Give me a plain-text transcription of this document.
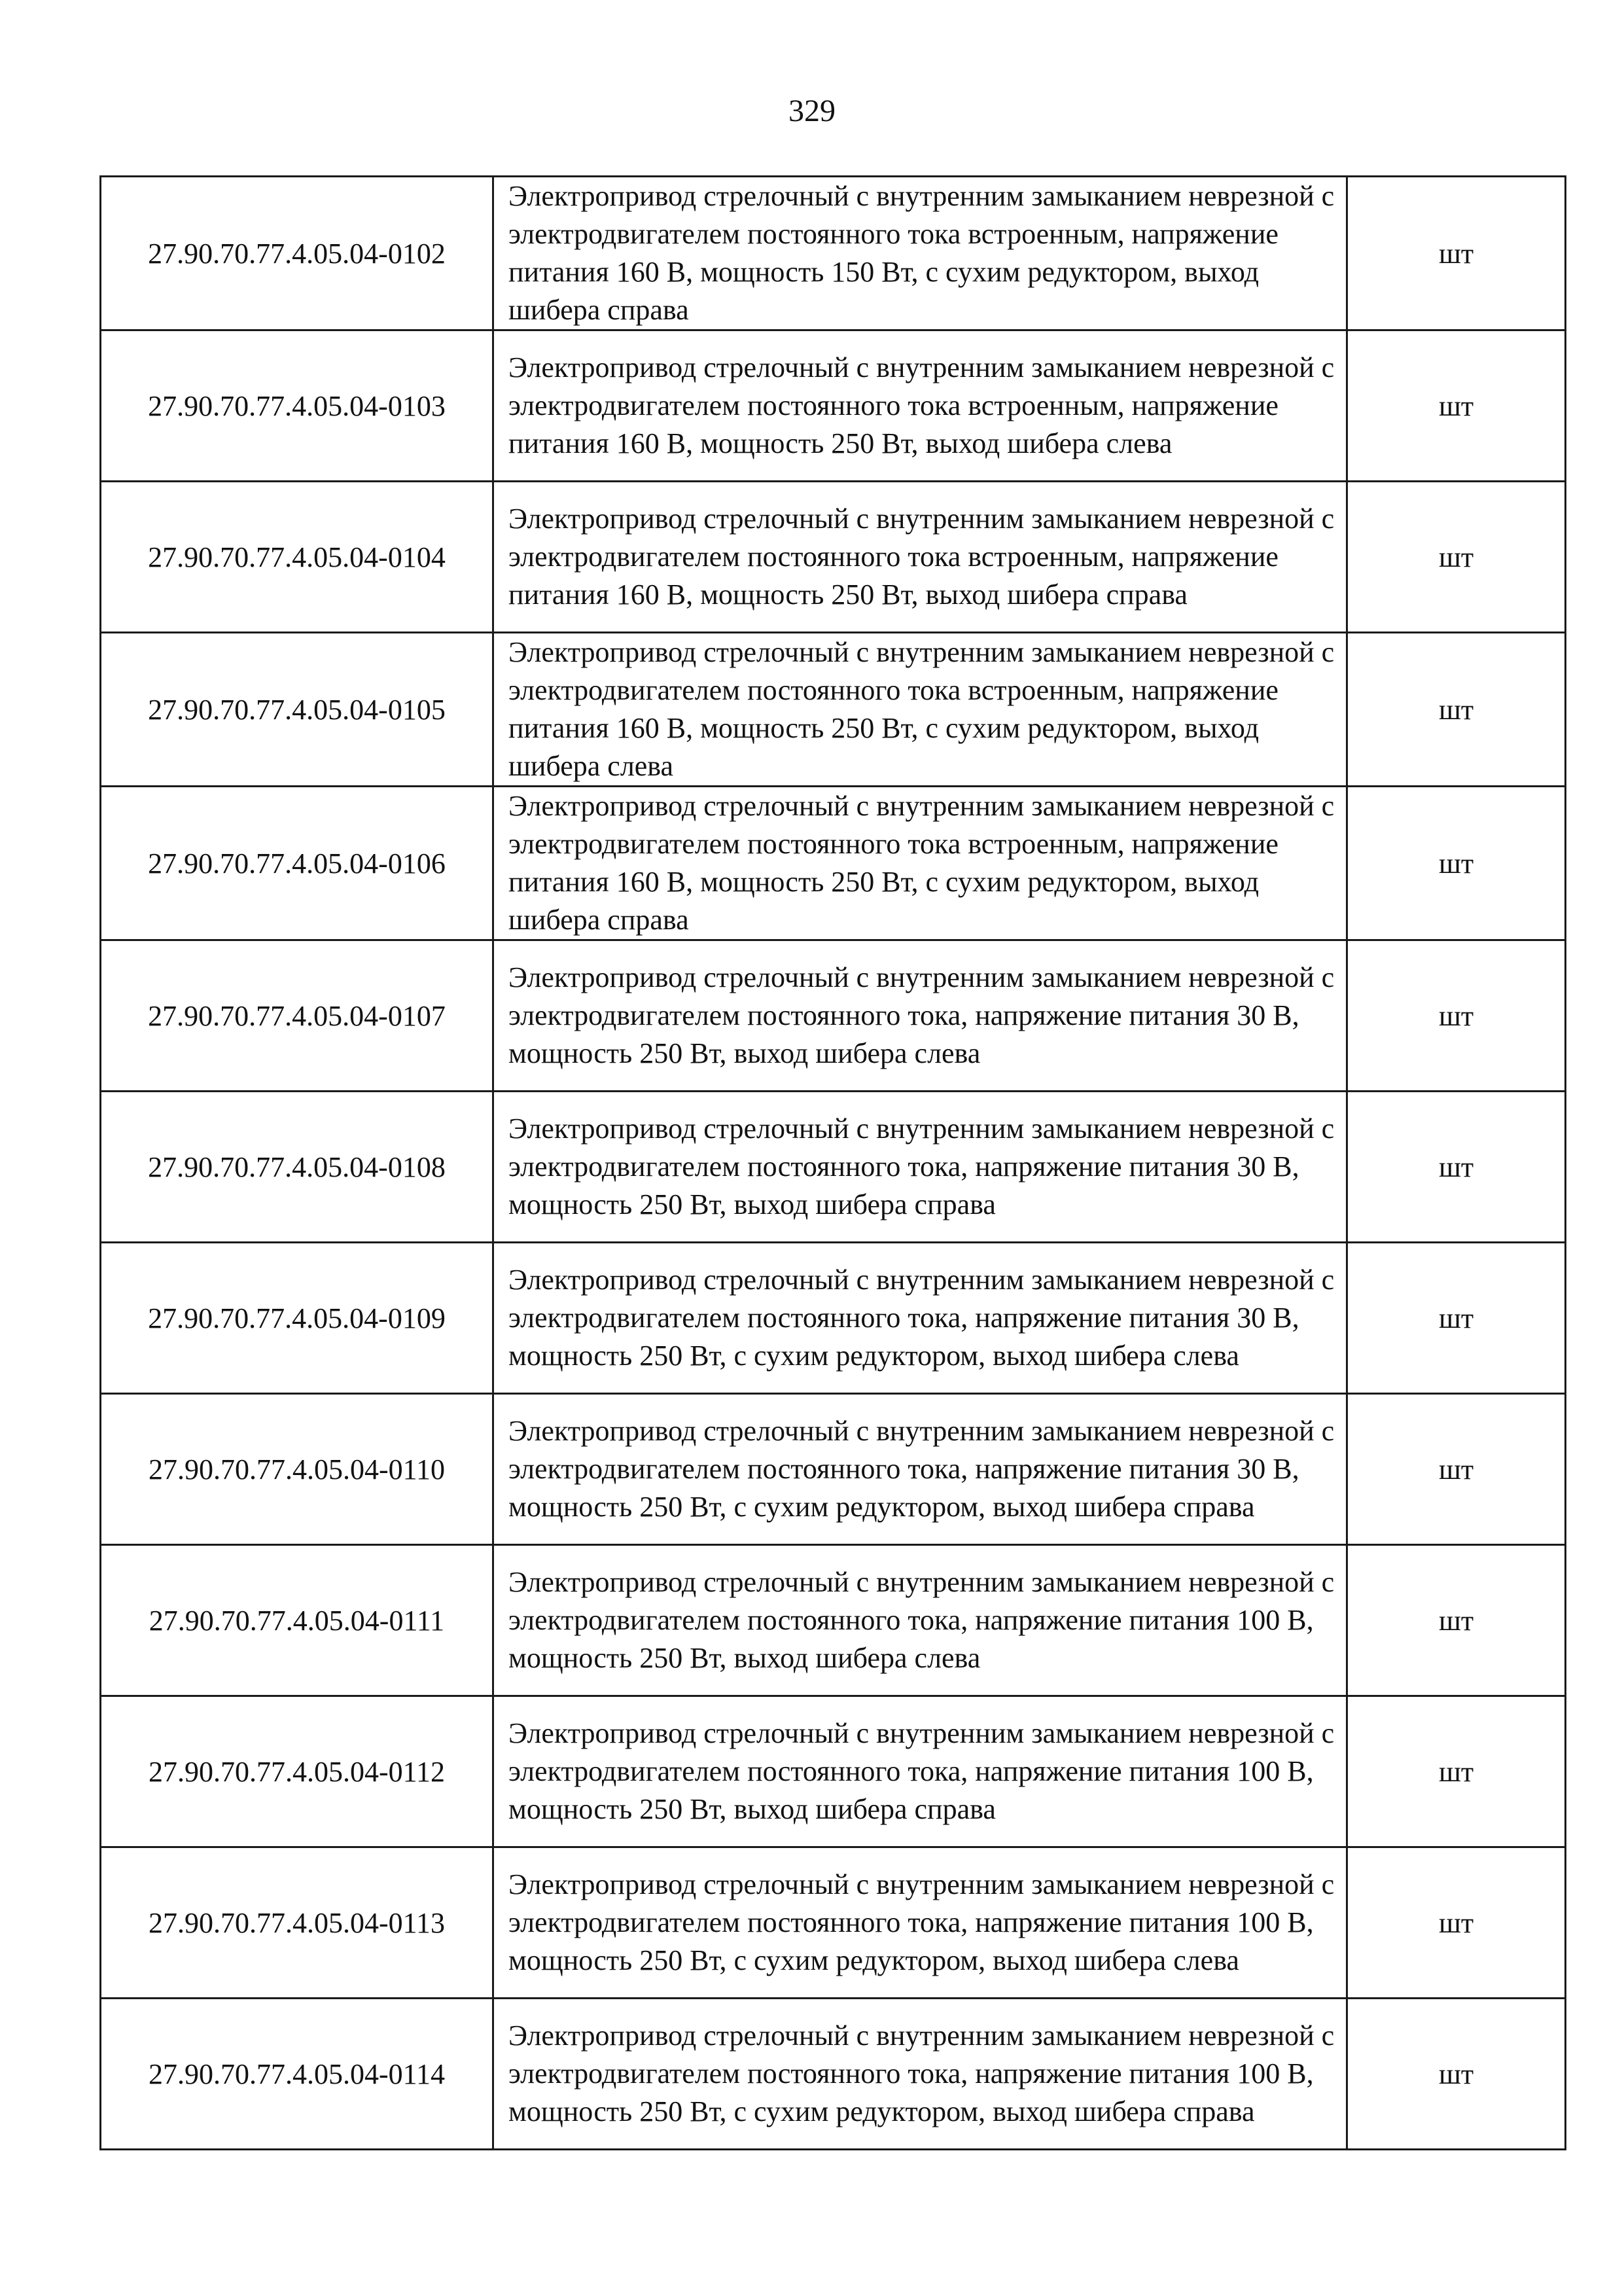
329
27.90.70.77.4.05.04-0102	Электропривод стрелочный с внутренним замыканием неврезной с электродвигателем постоянного тока встроенным, напряжение питания 160 В, мощность 150 Вт, с сухим редуктором, выход шибера справа	шт
27.90.70.77.4.05.04-0103	Электропривод стрелочный с внутренним замыканием неврезной с электродвигателем постоянного тока встроенным, напряжение питания 160 В, мощность 250 Вт, выход шибера слева	шт
27.90.70.77.4.05.04-0104	Электропривод стрелочный с внутренним замыканием неврезной с электродвигателем постоянного тока встроенным, напряжение питания 160 В, мощность 250 Вт, выход шибера справа	шт
27.90.70.77.4.05.04-0105	Электропривод стрелочный с внутренним замыканием неврезной с электродвигателем постоянного тока встроенным, напряжение питания 160 В, мощность 250 Вт, с сухим редуктором, выход шибера слева	шт
27.90.70.77.4.05.04-0106	Электропривод стрелочный с внутренним замыканием неврезной с электродвигателем постоянного тока встроенным, напряжение питания 160 В, мощность 250 Вт, с сухим редуктором, выход шибера справа	шт
27.90.70.77.4.05.04-0107	Электропривод стрелочный с внутренним замыканием неврезной с электродвигателем постоянного тока, напряжение питания 30 В, мощность 250 Вт, выход шибера слева	шт
27.90.70.77.4.05.04-0108	Электропривод стрелочный с внутренним замыканием неврезной с электродвигателем постоянного тока, напряжение питания 30 В, мощность 250 Вт, выход шибера справа	шт
27.90.70.77.4.05.04-0109	Электропривод стрелочный с внутренним замыканием неврезной с электродвигателем постоянного тока, напряжение питания 30 В, мощность 250 Вт, с сухим редуктором, выход шибера слева	шт
27.90.70.77.4.05.04-0110	Электропривод стрелочный с внутренним замыканием неврезной с электродвигателем постоянного тока, напряжение питания 30 В, мощность 250 Вт, с сухим редуктором, выход шибера справа	шт
27.90.70.77.4.05.04-0111	Электропривод стрелочный с внутренним замыканием неврезной с электродвигателем постоянного тока, напряжение питания 100 В, мощность 250 Вт, выход шибера слева	шт
27.90.70.77.4.05.04-0112	Электропривод стрелочный с внутренним замыканием неврезной с электродвигателем постоянного тока, напряжение питания 100 В, мощность 250 Вт, выход шибера справа	шт
27.90.70.77.4.05.04-0113	Электропривод стрелочный с внутренним замыканием неврезной с электродвигателем постоянного тока, напряжение питания 100 В, мощность 250 Вт, с сухим редуктором, выход шибера слева	шт
27.90.70.77.4.05.04-0114	Электропривод стрелочный с внутренним замыканием неврезной с электродвигателем постоянного тока, напряжение питания 100 В, мощность 250 Вт, с сухим редуктором, выход шибера справа	шт
